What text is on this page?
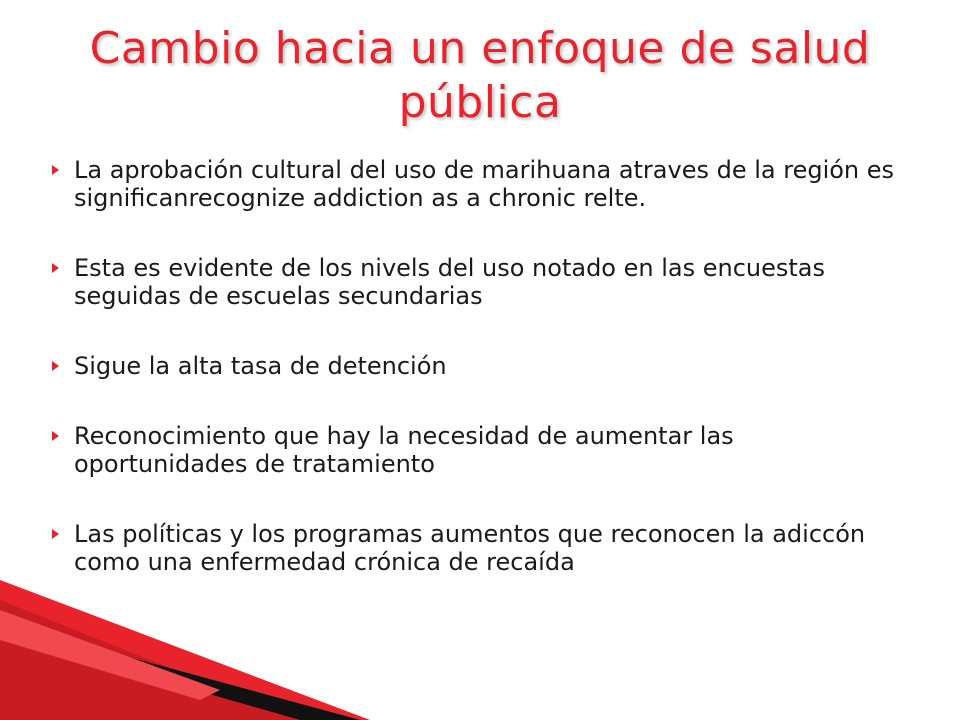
Cambio hacia un enfoque de salud pública
La aprobación cultural del uso de marihuana atraves de la región es significanrecognize addiction as a chronic relte.
Esta es evidente de los nivels del uso notado en las encuestas seguidas de escuelas secundarias
Sigue la alta tasa de detención
Reconocimiento que hay la necesidad de aumentar las oportunidades de tratamiento
Las políticas y los programas aumentos que reconocen la adiccón como una enfermedad crónica de recaída
